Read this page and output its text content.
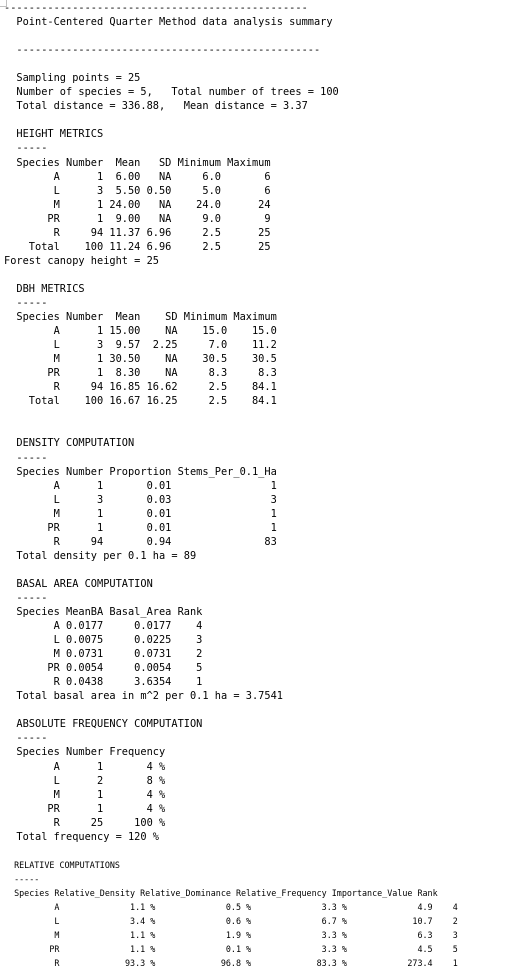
-------------------------------------------------
Point-Centered Quarter Method data analysis summary
-------------------------------------------------
Sampling points = 25
Number of species = 5,   Total number of trees = 100
Total distance = 336.88,   Mean distance = 3.37
HEIGHT METRICS
-----
Species Number  Mean   SD Minimum Maximum
A      1  6.00   NA     6.0       6
L      3  5.50 0.50     5.0       6
M      1 24.00   NA    24.0      24
PR      1  9.00   NA     9.0       9
R     94 11.37 6.96     2.5      25
Total    100 11.24 6.96     2.5      25
Forest canopy height = 25
DBH METRICS
-----
Species Number  Mean    SD Minimum Maximum
A      1 15.00    NA    15.0    15.0
L      3  9.57  2.25     7.0    11.2
M      1 30.50    NA    30.5    30.5
PR      1  8.30    NA     8.3     8.3
R     94 16.85 16.62     2.5    84.1
Total    100 16.67 16.25     2.5    84.1
DENSITY COMPUTATION
-----
Species Number Proportion Stems_Per_0.1_Ha
A      1       0.01                1
L      3       0.03                3
M      1       0.01                1
PR      1       0.01                1
R     94       0.94               83
Total density per 0.1 ha = 89
BASAL AREA COMPUTATION
-----
Species MeanBA Basal_Area Rank
A 0.0177     0.0177    4
L 0.0075     0.0225    3
M 0.0731     0.0731    2
PR 0.0054     0.0054    5
R 0.0438     3.6354    1
Total basal area in m^2 per 0.1 ha = 3.7541
ABSOLUTE FREQUENCY COMPUTATION
-----
Species Number Frequency
A      1       4 %
L      2       8 %
M      1       4 %
PR      1       4 %
R     25     100 %
Total frequency = 120 %
RELATIVE COMPUTATIONS
-----
Species Relative_Density Relative_Dominance Relative_Frequency Importance_Value Rank
A              1.1 %              0.5 %              3.3 %              4.9    4
L              3.4 %              0.6 %              6.7 %             10.7    2
M              1.1 %              1.9 %              3.3 %              6.3    3
PR              1.1 %              0.1 %              3.3 %              4.5    5
R             93.3 %             96.8 %             83.3 %            273.4    1
